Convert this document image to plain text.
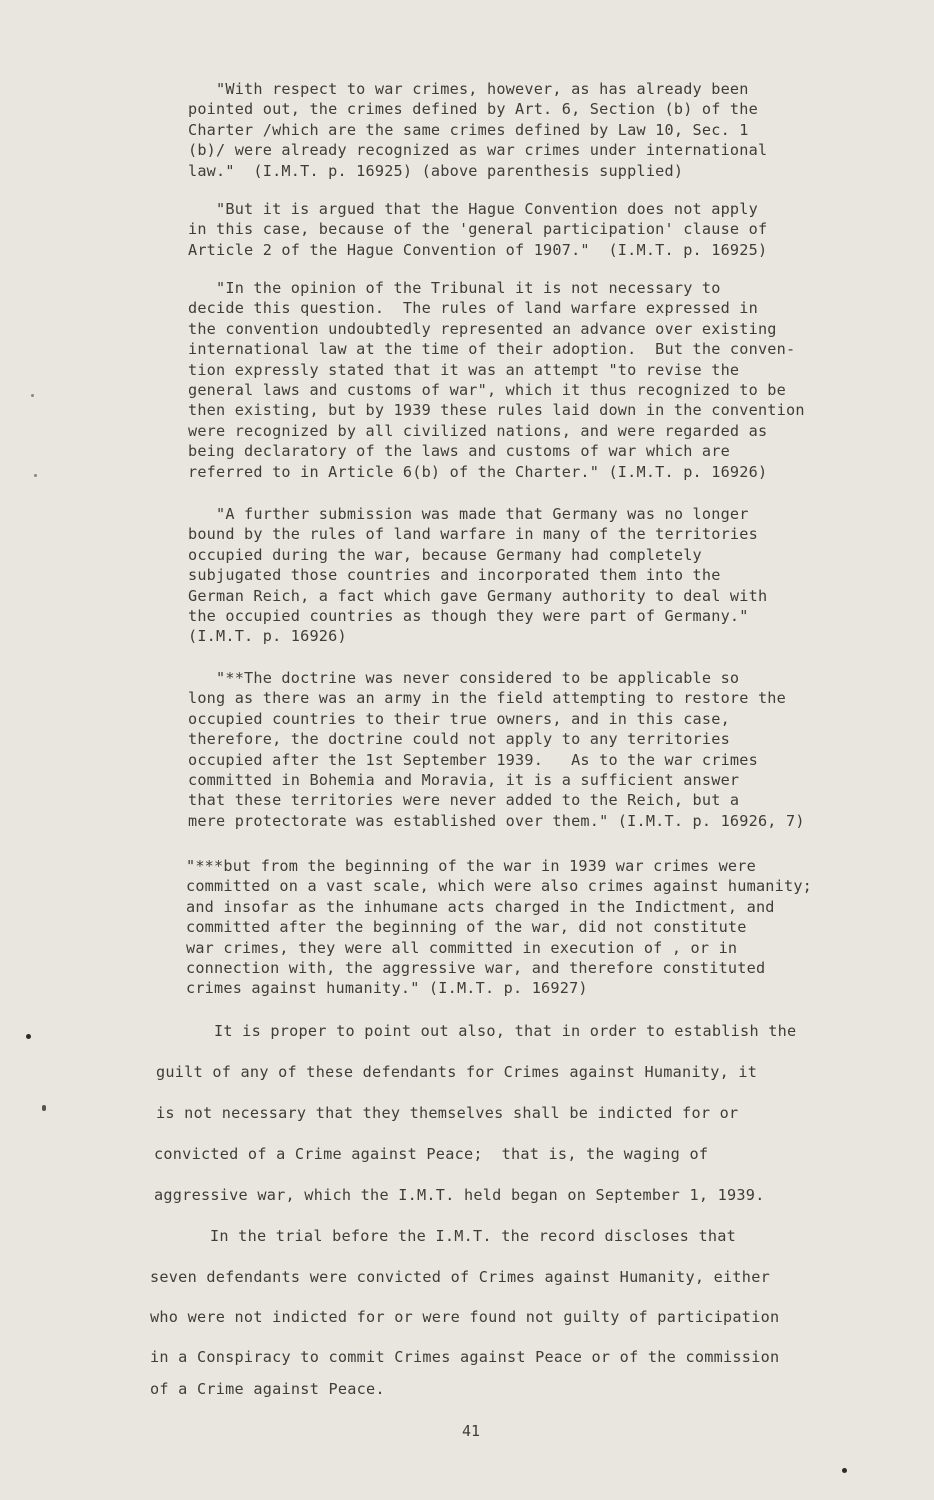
"With respect to war crimes, however, as has already been
pointed out, the crimes defined by Art. 6, Section (b) of the
Charter /which are the same crimes defined by Law 10, Sec. 1
(b)/ were already recognized as war crimes under international
law."  (I.M.T. p. 16925) (above parenthesis supplied)
"But it is argued that the Hague Convention does not apply
in this case, because of the 'general participation' clause of
Article 2 of the Hague Convention of 1907."  (I.M.T. p. 16925)
"In the opinion of the Tribunal it is not necessary to
decide this question.  The rules of land warfare expressed in
the convention undoubtedly represented an advance over existing
international law at the time of their adoption.  But the conven-
tion expressly stated that it was an attempt "to revise the
general laws and customs of war", which it thus recognized to be
then existing, but by 1939 these rules laid down in the convention
were recognized by all civilized nations, and were regarded as
being declaratory of the laws and customs of war which are
referred to in Article 6(b) of the Charter." (I.M.T. p. 16926)
"A further submission was made that Germany was no longer
bound by the rules of land warfare in many of the territories
occupied during the war, because Germany had completely
subjugated those countries and incorporated them into the
German Reich, a fact which gave Germany authority to deal with
the occupied countries as though they were part of Germany."
(I.M.T. p. 16926)
"**The doctrine was never considered to be applicable so
long as there was an army in the field attempting to restore the
occupied countries to their true owners, and in this case,
therefore, the doctrine could not apply to any territories
occupied after the 1st September 1939.   As to the war crimes
committed in Bohemia and Moravia, it is a sufficient answer
that these territories were never added to the Reich, but a
mere protectorate was established over them." (I.M.T. p. 16926, 7)
"***but from the beginning of the war in 1939 war crimes were
committed on a vast scale, which were also crimes against humanity;
and insofar as the inhumane acts charged in the Indictment, and
committed after the beginning of the war, did not constitute
war crimes, they were all committed in execution of , or in
connection with, the aggressive war, and therefore constituted
crimes against humanity." (I.M.T. p. 16927)
It is proper to point out also, that in order to establish the
guilt of any of these defendants for Crimes against Humanity, it
is not necessary that they themselves shall be indicted for or
convicted of a Crime against Peace;  that is, the waging of
aggressive war, which the I.M.T. held began on September 1, 1939.
In the trial before the I.M.T. the record discloses that
seven defendants were convicted of Crimes against Humanity, either
who were not indicted for or were found not guilty of participation
in a Conspiracy to commit Crimes against Peace or of the commission
of a Crime against Peace.
41
